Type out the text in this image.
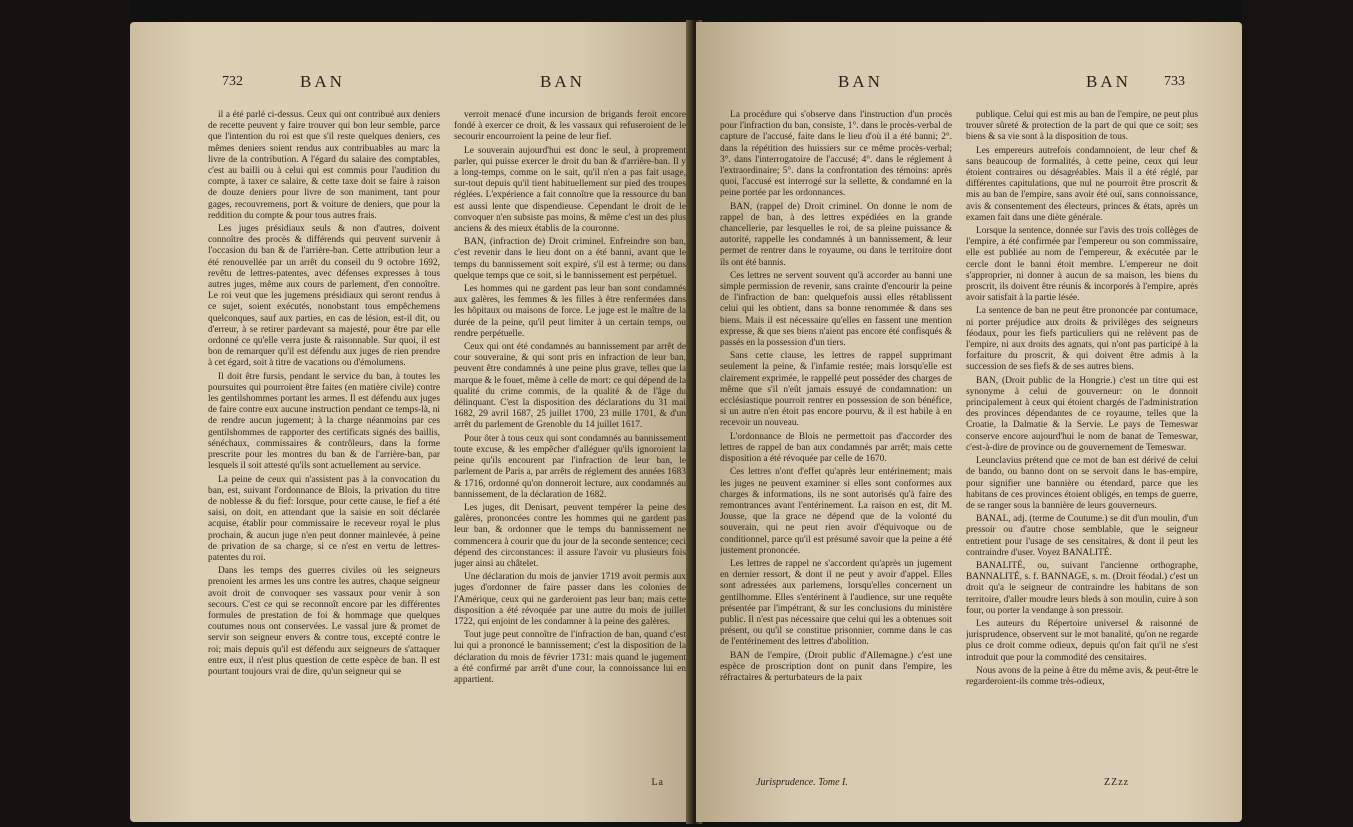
732	BAN	BAN

il a été parlé ci-dessus. Ceux qui ont contribué aux deniers de recette peuvent y faire trouver qui bon leur semble, parce que l'intention du roi est que s'il reste quelques deniers, ces mêmes deniers soient rendus aux contribuables au marc la livre de la contribution. A l'égard du salaire des comptables, c'est au bailli ou à celui qui est commis pour l'audition du compte, à taxer ce salaire, & cette taxe doit se faire à raison de douze deniers pour livre de son maniment, tant pour gages, recouvremens, port & voiture de deniers, que pour la reddition du compte & pour tous autres frais.

Les juges présidiaux seuls & non d'autres, doivent connoître des procès & différends qui peuvent survenir à l'occasion du ban & de l'arrière-ban. Cette attribution leur a été renouvellée par un arrêt du conseil du 9 octobre 1692, revêtu de lettres-patentes, avec défenses expresses à tous autres juges, même aux cours de parlement, d'en connoître. Le roi veut que les jugemens présidiaux qui seront rendus à ce sujet, soient exécutés, nonobstant tous empêchemens quelconques, sauf aux parties, en cas de lésion, est-il dit, ou d'erreur, à se retirer pardevant sa majesté, pour être par elle ordonné ce qu'elle verra juste & raisonnable. Sur quoi, il est bon de remarquer qu'il est défendu aux juges de rien prendre à cet égard, soit à titre de vacations ou d'émolumens.

Il doit être fursis, pendant le service du ban, à toutes les poursuites qui pourroient être faites (en matière civile) contre les gentilshommes portant les armes. Il est défendu aux juges de faire contre eux aucune instruction pendant ce temps-là, ni de rendre aucun jugement; à la charge néanmoins par ces gentilshommes de rapporter des certificats signés des baillis, sénéchaux, commissaires & contrôleurs, dans la forme prescrite pour les montres du ban & de l'arrière-ban, par lesquels il soit attesté qu'ils sont actuellement au service.

La peine de ceux qui n'assistent pas à la convocation du ban, est, suivant l'ordonnance de Blois, la privation du titre de noblesse & du fief: lorsque, pour cette cause, le fief a été saisi, on doit, en attendant que la saisie en soit déclarée acquise, établir pour commissaire le receveur royal le plus prochain, & aucun juge n'en peut donner mainlevée, à peine de privation de sa charge, si ce n'est en vertu de lettres-patentes du roi.

Dans les temps des guerres civiles où les seigneurs prenoient les armes les uns contre les autres, chaque seigneur avoit droit de convoquer ses vassaux pour venir à son secours. C'est ce qui se reconnoît encore par les différentes formules de prestation de foi & hommage que quelques coutumes nous ont conservées. Le vassal jure & promet de servir son seigneur envers & contre tous, excepté contre le roi; mais depuis qu'il est défendu aux seigneurs de s'attaquer entre eux, il n'est plus question de cette espèce de ban. Il est pourtant toujours vrai de dire, qu'un seigneur qui se

verroit menacé d'une incursion de brigands feroit encore fondé à exercer ce droit, & les vassaux qui refuseroient de le secourir encourroient la peine de leur fief.

Le souverain aujourd'hui est donc le seul, à proprement parler, qui puisse exercer le droit du ban & d'arrière-ban. Il y a long-temps, comme on le sait, qu'il n'en a pas fait usage, sur-tout depuis qu'il tient habituellement sur pied des troupes réglées. L'expérience a fait connoître que la ressource du ban est aussi lente que dispendieuse. Cependant le droit de le convoquer n'en subsiste pas moins, & même c'est un des plus anciens & des mieux établis de la couronne.

BAN, (infraction de) Droit criminel. Enfreindre son ban, c'est revenir dans le lieu dont on a été banni, avant que le temps du bannissement soit expiré, s'il est à terme; ou dans quelque temps que ce soit, si le bannissement est perpétuel.

Les hommes qui ne gardent pas leur ban sont condamnés aux galères, les femmes & les filles à être renfermées dans les hôpitaux ou maisons de force. Le juge est le maître de la durée de la peine, qu'il peut limiter à un certain temps, ou rendre perpétuelle.

Ceux qui ont été condamnés au bannissement par arrêt de cour souveraine, & qui sont pris en infraction de leur ban, peuvent être condamnés à une peine plus grave, telles que la marque & le fouet, même à celle de mort: ce qui dépend de la qualité du crime commis, de la qualité & de l'âge du délinquant. C'est la disposition des déclarations du 31 mai 1682, 29 avril 1687, 25 juillet 1700, 23 mille 1701, & d'un arrêt du parlement de Grenoble du 14 juillet 1617.

Pour ôter à tous ceux qui sont condamnés au bannissement toute excuse, & les empêcher d'alléguer qu'ils ignoroient la peine qu'ils encourent par l'infraction de leur ban, le parlement de Paris a, par arrêts de réglement des années 1683 & 1716, ordonné qu'on donneroit lecture, aux condamnés au bannissement, de la déclaration de 1682.

Les juges, dit Denisart, peuvent tempérer la peine des galères, prononcées contre les hommes qui ne gardent pas leur ban, & ordonner que le temps du bannissement ne commencera à courir que du jour de la seconde sentence; ceci dépend des circonstances: il assure l'avoir vu plusieurs fois juger ainsi au châtelet.

Une déclaration du mois de janvier 1719 avoit permis aux juges d'ordonner de faire passer dans les colonies de l'Amérique, ceux qui ne garderoient pas leur ban; mais cette disposition a été révoquée par une autre du mois de juillet 1722, qui enjoint de les condamner à la peine des galères.

Tout juge peut connoître de l'infraction de ban, quand c'est lui qui a prononcé le bannissement; c'est la disposition de la déclaration du mois de février 1731: mais quand le jugement a été confirmé par arrêt d'une cour, la connoissance lui en appartient.

La
BAN	BAN 733

La procédure qui s'observe dans l'instruction d'un procès pour l'infraction du ban, consiste, 1°. dans le procès-verbal de capture de l'accusé, faite dans le lieu d'où il a été banni; 2°. dans la répétition des huissiers sur ce même procès-verbal; 3°. dans l'interrogatoire de l'accusé; 4°. dans le réglement à l'extraordinaire; 5°. dans la confrontation des témoins: après quoi, l'accusé est interrogé sur la sellette, & condamné en la peine portée par les ordonnances.

BAN, (rappel de) Droit criminel. On donne le nom de rappel de ban, à des lettres expédiées en la grande chancellerie, par lesquelles le roi, de sa pleine puissance & autorité, rappelle les condamnés à un bannissement, & leur permet de rentrer dans le royaume, ou dans le territoire dont ils ont été bannis.

Ces lettres ne servent souvent qu'à accorder au banni une simple permission de revenir, sans crainte d'encourir la peine de l'infraction de ban: quelquefois aussi elles rétablissent celui qui les obtient, dans sa bonne renommée & dans ses biens. Mais il est nécessaire qu'elles en fassent une mention expresse, & que ses biens n'aient pas encore été confisqués & passés en la possession d'un tiers.

Sans cette clause, les lettres de rappel supprimant seulement la peine, & l'infamie restée; mais lorsqu'elle est clairement exprimée, le rappellé peut posséder des charges de même que s'il n'eût jamais essuyé de condamnation: un ecclésiastique pourroit rentrer en possession de son bénéfice, si un autre n'en étoit pas encore pourvu, & il est habile à en recevoir un nouveau.

L'ordonnance de Blois ne permettoit pas d'accorder des lettres de rappel de ban aux condamnés par arrêt; mais cette disposition a été révoquée par celle de 1670.

Ces lettres n'ont d'effet qu'après leur entérinement; mais les juges ne peuvent examiner si elles sont conformes aux charges & informations, ils ne sont autorisés qu'à faire des remontrances avant l'entérinement. La raison en est, dit M. Jousse, que la grace ne dépend que de la volonté du souverain, qui ne peut rien avoir d'équivoque ou de conditionnel, parce qu'il est présumé savoir que la peine a été justement prononcée.

Les lettres de rappel ne s'accordent qu'après un jugement en dernier ressort, & dont il ne peut y avoir d'appel. Elles sont adressées aux parlemens, lorsqu'elles concernent un gentilhomme. Elles s'entérinent à l'audience, sur une requête présentée par l'impétrant, & sur les conclusions du ministère public. Il n'est pas nécessaire que celui qui les a obtenues soit présent, ou qu'il se constitue prisonnier, comme dans le cas de l'entérinement des lettres d'abolition.

BAN de l'empire, (Droit public d'Allemagne.) c'est une espèce de proscription dont on punit dans l'empire, les réfractaires & perturbateurs de la paix

publique. Celui qui est mis au ban de l'empire, ne peut plus trouver sûreté & protection de la part de qui que ce soit; ses biens & sa vie sont à la disposition de tous.

Les empereurs autrefois condamnoient, de leur chef & sans beaucoup de formalités, à cette peine, ceux qui leur étoient contraires ou désagréables. Mais il a été réglé, par différentes capitulations, que nul ne pourroit être proscrit & mis au ban de l'empire, sans avoir été ouï, sans connoissance, avis & consentement des électeurs, princes & états, après un examen fait dans une diète générale.

Lorsque la sentence, donnée sur l'avis des trois collèges de l'empire, a été confirmée par l'empereur ou son commissaire, elle est publiée au nom de l'empereur, & exécutée par le cercle dont le banni étoit membre. L'empereur ne doit s'approprier, ni donner à aucun de sa maison, les biens du proscrit, ils doivent être réunis & incorporés à l'empire, après avoir satisfait à la partie lésée.

La sentence de ban ne peut être prononcée par contumace, ni porter préjudice aux droits & privilèges des seigneurs féodaux, pour les fiefs particuliers qui ne relèvent pas de l'empire, ni aux droits des agnats, qui n'ont pas participé à la forfaiture du proscrit, & qui doivent être admis à la succession de ses fiefs & de ses autres biens.

BAN, (Droit public de la Hongrie.) c'est un titre qui est synonyme à celui de gouverneur: on le donnoit principalement à ceux qui étoient chargés de l'administration des provinces dépendantes de ce royaume, telles que la Croatie, la Dalmatie & la Servie. Le pays de Temeswar conserve encore aujourd'hui le nom de banat de Temeswar, c'est-à-dire de province ou de gouvernement de Temeswar.

Leunclavius prétend que ce mot de ban est dérivé de celui de bando, ou banno dont on se servoit dans le bas-empire, pour signifier une bannière ou étendard, parce que les habitans de ces provinces étoient obligés, en temps de guerre, de se ranger sous la bannière de leurs gouverneurs.

BANAL, adj. (terme de Coutume.) se dit d'un moulin, d'un pressoir ou d'autre chose semblable, que le seigneur entretient pour l'usage de ses censitaires, & dont il peut les contraindre d'user. Voyez BANALITÉ.

BANALITÉ, ou, suivant l'ancienne orthographe, BANNALITÉ, s. f. BANNAGE, s. m. (Droit féodal.) c'est un droit qu'a le seigneur de contraindre les habitans de son territoire, d'aller moudre leurs bleds à son moulin, cuire à son four, ou porter la vendange à son pressoir.

Les auteurs du Répertoire universel & raisonné de jurisprudence, observent sur le mot banalité, qu'on ne regarde plus ce droit comme odieux, depuis qu'on fait qu'il ne s'est introduit que pour la commodité des censitaires.

Nous avons de la peine à être du même avis, & peut-être le regarderoient-ils comme très-odieux,

Jurisprudence. Tome I.	ZZzz
